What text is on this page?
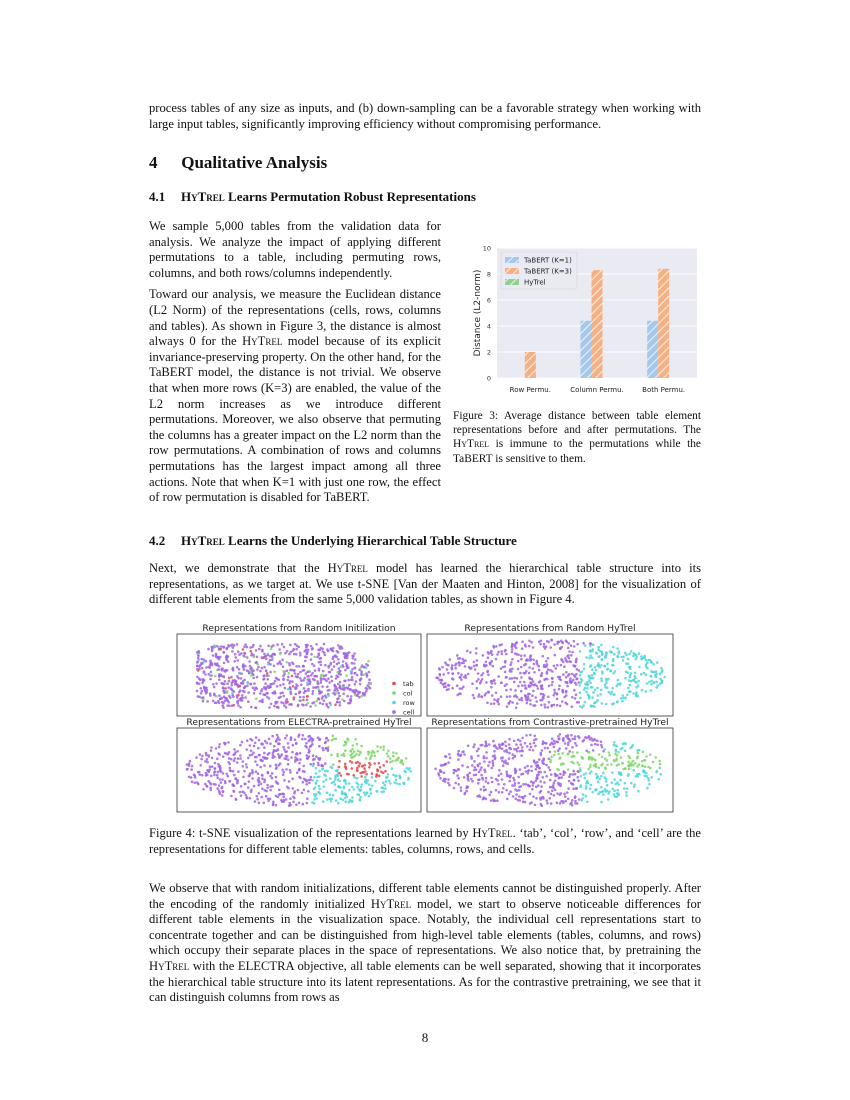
process tables of any size as inputs, and (b) down-sampling can be a favorable strategy when working with large input tables, significantly improving efficiency without compromising performance.

4 Qualitative Analysis
4.1 HyTrel Learns Permutation Robust Representations

We sample 5,000 tables from the validation data for analysis. We analyze the impact of applying different permutations to a table, including permuting rows, columns, and both rows/columns independently.

Toward our analysis, we measure the Euclidean distance (L2 Norm) of the representations (cells, rows, columns and tables). As shown in Figure 3, the distance is almost always 0 for the HyTrel model because of its explicit invariance-preserving property. On the other hand, for the TaBERT model, the distance is not trivial. We observe that when more rows (K=3) are enabled, the value of the L2 norm increases as we introduce different permutations. Moreover, we also observe that permuting the columns has a greater impact on the L2 norm than the row permutations. A combination of rows and columns permutations has the largest impact among all three actions. Note that when K=1 with just one row, the effect of row permutation is disabled for TaBERT.

0
2
4
6
8
10
Row Permu.	Column Permu.	Both Permu.
TaBERT (K=1)
TaBERT (K=3)
HyTrel
Distance (L2-norm)

Figure 3: Average distance between table element representations before and after permutations. The HyTrel is immune to the permutations while the TaBERT is sensitive to them.

4.2 HyTrel Learns the Underlying Hierarchical Table Structure

Next, we demonstrate that the HyTrel model has learned the hierarchical table structure into its representations, as we target at. We use t-SNE [Van der Maaten and Hinton, 2008] for the visualization of different table elements from the same 5,000 validation tables, as shown in Figure 4.

Representations from Random Initilization
tab
col
row
cell
Representations from Random HyTrel
Representations from ELECTRA-pretrained HyTrel Representations from Contrastive-pretrained HyTrel

Figure 4: t-SNE visualization of the representations learned by HyTrel. ‘tab’, ‘col’, ‘row’, and ‘cell’ are the representations for different table elements: tables, columns, rows, and cells.

We observe that with random initializations, different table elements cannot be distinguished properly. After the encoding of the randomly initialized HyTrel model, we start to observe noticeable differences for different table elements in the visualization space. Notably, the individual cell representations start to concentrate together and can be distinguished from high-level table elements (tables, columns, and rows) which occupy their separate places in the space of representations. We also notice that, by pretraining the HyTrel with the ELECTRA objective, all table elements can be well separated, showing that it incorporates the hierarchical table structure into its latent representations. As for the contrastive pretraining, we see that it can distinguish columns from rows as

8
